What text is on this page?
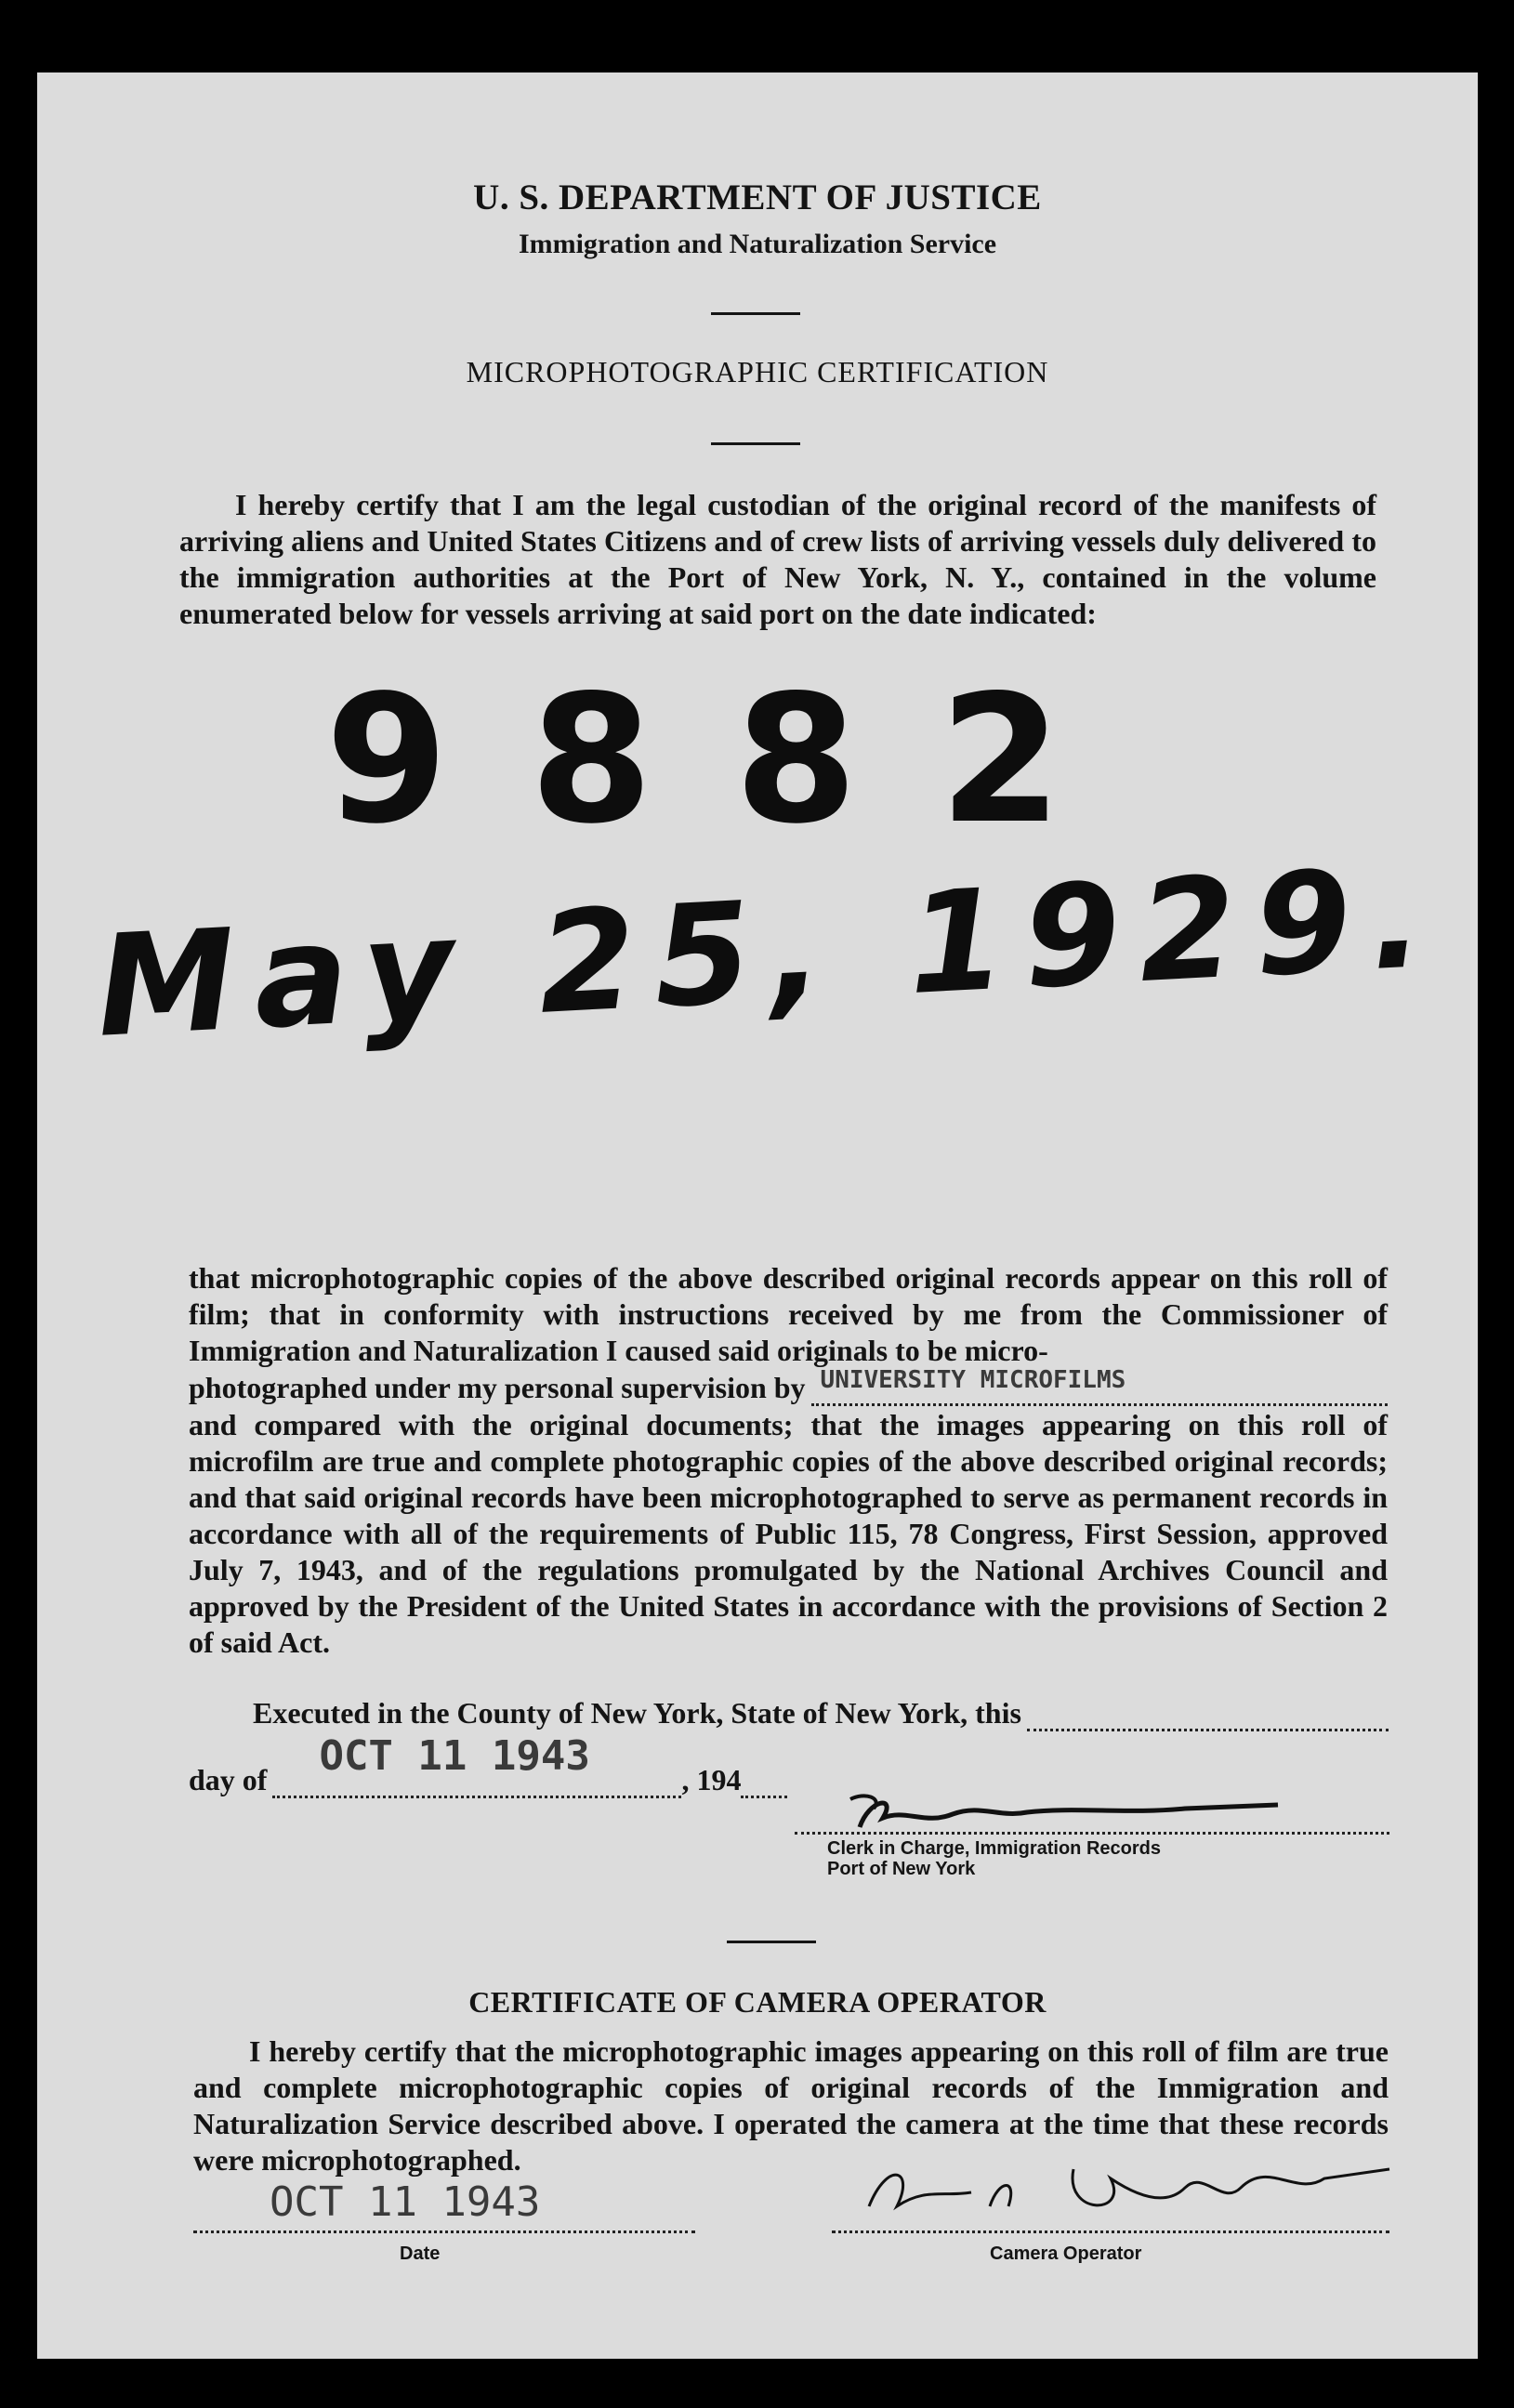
U. S. DEPARTMENT OF JUSTICE

Immigration and Naturalization Service

MICROPHOTOGRAPHIC CERTIFICATION

I hereby certify that I am the legal custodian of the original record of the manifests of arriving aliens and United States Citizens and of crew lists of arriving vessels duly delivered to the immigration authorities at the Port of New York, N. Y., contained in the volume enumerated below for vessels arriving at said port on the date indicated:

9882
May 25, 1929.

that microphotographic copies of the above described original records appear on this roll of film; that in conformity with instructions received by me from the Commissioner of Immigration and Naturalization I caused said originals to be micro-

photographed under my personal supervision by UNIVERSITY MICROFILMS

and compared with the original documents; that the images appearing on this roll of microfilm are true and complete photographic copies of the above described original records; and that said original records have been microphotographed to serve as permanent records in accordance with all of the requirements of Public 115, 78 Congress, First Session, approved July 7, 1943, and of the regulations promulgated by the National Archives Council and approved by the President of the United States in accordance with the provisions of Section 2 of said Act.

Executed in the County of New York, State of New York, this
day of OCT 11 1943	, 194
Clerk in Charge, Immigration Records
Port of New York

CERTIFICATE OF CAMERA OPERATOR

I hereby certify that the microphotographic images appearing on this roll of film are true and complete microphotographic copies of original records of the Immigration and Naturalization Service described above. I operated the camera at the time that these records were microphotographed.

OCT 11 1943
Date	Camera Operator
